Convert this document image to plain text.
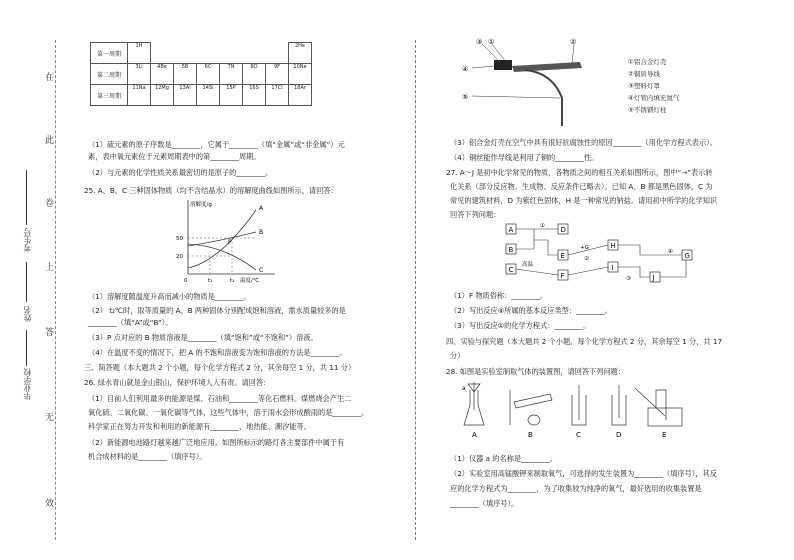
在
此
卷
上
答
无
效
毕业学校
姓名
考生号
第一周期	1H							2He
第二周期	3Li	4Be	5B	6C	7N	8O	9F	10Ne
第三周期	11Na	12Mg	13Al	14Si	15P	16S	17Cl	18Ar
（1）硫元素的原子序数是________，它属于________（填“金属”或“非金属”）元
素，表中氧元素位于元素周期表中的第________周期。
（2）与元素的化学性质关系最密切的是原子的________。
25. A、B、C 三种固体物质（均不含结晶水）的溶解度曲线如图所示，请回答：
溶解度/g
温度/℃
50
20
0	t₁	t₂
A
B
C
P
（1）溶解度随温度升高而减小的物质是________。
（2） t₂℃时，取等质量的 A、B 两种固体分别配成饱和溶液，需水质量较多的是
________（填“A”或“B”）。
（3）P 点对应的 B 物质溶液是________（填“饱和”或“不饱和”）溶液。
（4）在温度不变的情况下，把 A 的不饱和溶液变为饱和溶液的方法是________。
三、简答题（本大题共 2 个小题，每个化学方程式 2 分，其余每空 1 分，共 11 分）
26. 绿水青山就是金山银山，保护环境人人有责。请回答：
（1）目前人们利用最多的能源是煤、石油和________等化石燃料。煤燃烧会产生二
氧化硫、二氧化碳、一氧化碳等气体，这些气体中，溶于雨水会形成酸雨的是________。
科学家正在努力开发和利用的新能源有________、地热能、潮汐能等。
（2）新能源电池路灯越来越广泛地应用。如图所标示的路灯各主要部件中属于有
机合成材料的是________（填序号）。
③ ①	②
④
⑤
①铝合金灯壳
②铜质导线
③塑料灯罩
④灯管内填充氮气
⑤不锈钢灯柱
（3）铝合金灯壳在空气中具有很好抗腐蚀性的原因________（用化学方程式表示）。
（4）铜丝能作导线是利用了铜的________性。
27. A～J 是初中化学常见的物质，各物质之间的相互关系如图所示，图中“→”表示转
化关系（部分反应物、生成物、反应条件已略去）。已知 A、B 都是黑色固体，C 为
常见的建筑材料，D 为紫红色固体，H 是一种常见的钠盐。请用初中所学的化学知识
回答下列问题：
A
B
C
D
E
F
G
H
I
J
+G
高温
①
②
③
④
（1）F 物质俗称：________。
（2）写出反应④所属的基本反应类型：________。
（3）写出反应①的化学方程式：________。
四、实验与探究题（本大题共 2 个小题，每个化学方程式 2 分，其余每空 1 分，共 17
分）
28. 如图是实验室制取气体的装置图，请回答下列问题：
A	B	C	D	E
a
（1）仪器 a 的名称是________。
（2）实验室用高锰酸钾来制取氧气，可选择的发生装置为________（填序号），其反
应的化学方程式为________，为了收集较为纯净的氧气，最好选用的收集装置是
________（填序号）。
